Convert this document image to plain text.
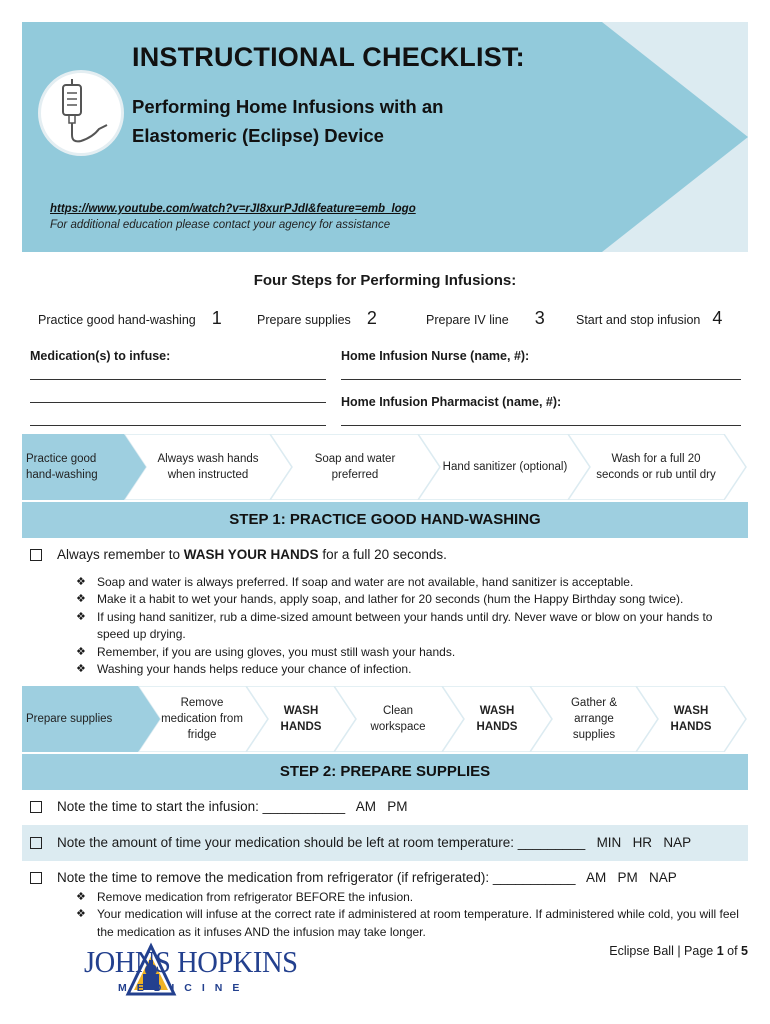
INSTRUCTIONAL CHECKLIST:
Performing Home Infusions with an Elastomeric (Eclipse) Device
https://www.youtube.com/watch?v=rJI8xurPJdI&feature=emb_logo
For additional education please contact your agency for assistance
Four Steps for Performing Infusions:
Practice good hand-washing 1	Prepare supplies 2	Prepare IV line 3	Start and stop infusion 4
Medication(s) to infuse:	Home Infusion Nurse (name, #):
Home Infusion Pharmacist (name, #):
Practice good hand-washing
Always wash hands when instructed
Soap and water preferred
Hand sanitizer (optional)
Wash for a full 20 seconds or rub until dry
STEP 1: PRACTICE GOOD HAND-WASHING
Always remember to WASH YOUR HANDS for a full 20 seconds.
❖ Soap and water is always preferred. If soap and water are not available, hand sanitizer is acceptable.
❖ Make it a habit to wet your hands, apply soap, and lather for 20 seconds (hum the Happy Birthday song twice).
❖ If using hand sanitizer, rub a dime-sized amount between your hands until dry. Never wave or blow on your hands to speed up drying.
❖ Remember, if you are using gloves, you must still wash your hands.
❖ Washing your hands helps reduce your chance of infection.
Prepare supplies
Remove medication from fridge
WASH HANDS
Clean workspace
WASH HANDS
Gather & arrange supplies
WASH HANDS
STEP 2: PREPARE SUPPLIES
Note the time to start the infusion: ___________   AM   PM
Note the amount of time your medication should be left at room temperature: _________   MIN   HR   NAP
Note the time to remove the medication from refrigerator (if refrigerated): ___________   AM   PM   NAP
❖ Remove medication from refrigerator BEFORE the infusion.
❖ Your medication will infuse at the correct rate if administered at room temperature. If administered while cold, you will feel the medication as it infuses AND the infusion may take longer.
JOHNS HOPKINS
MEDICINE
Eclipse Ball | Page 1 of 5
